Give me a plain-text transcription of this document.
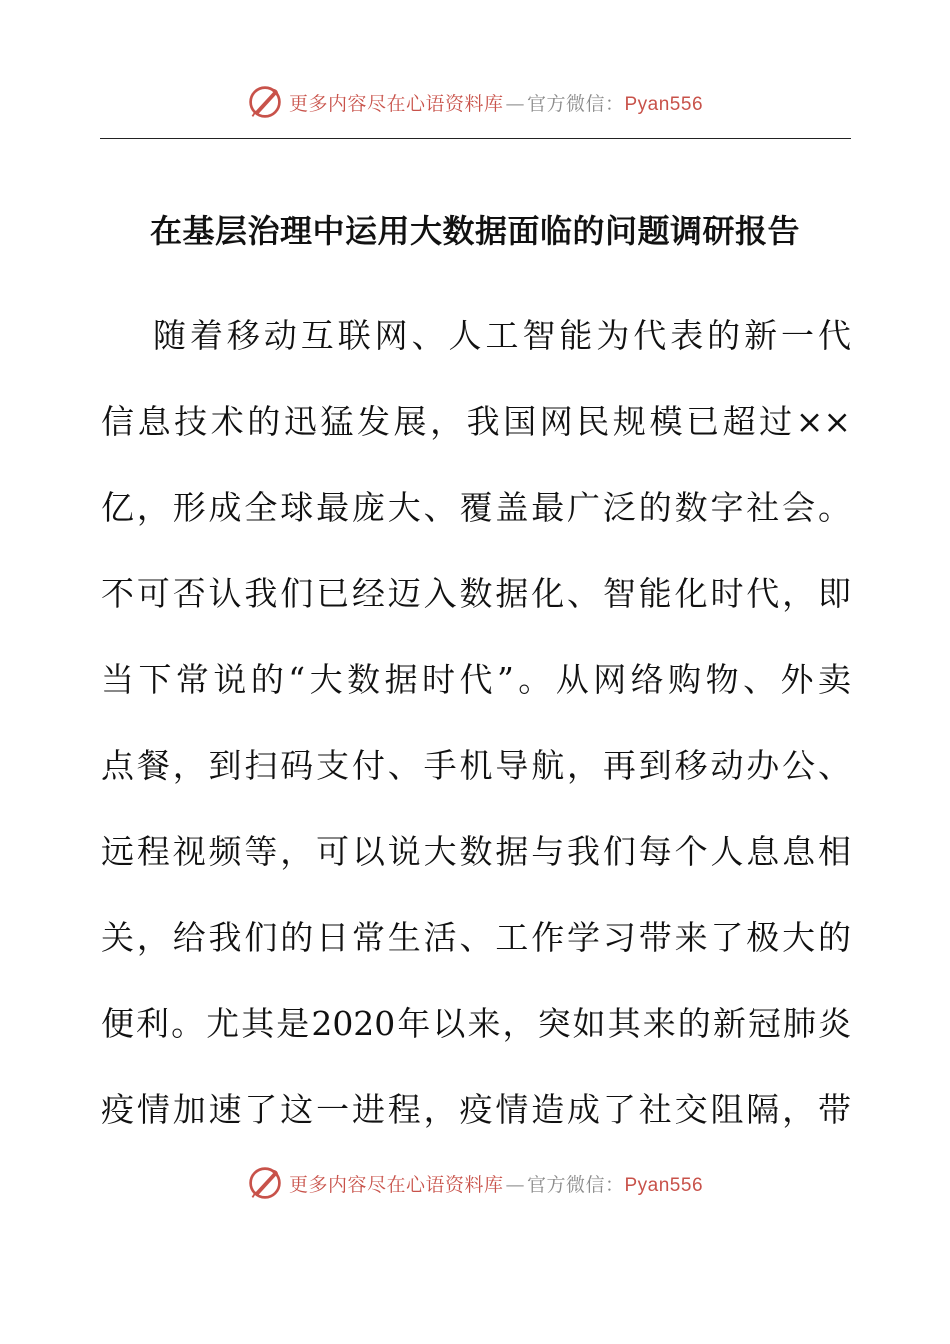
更多内容尽在心语资料库 — 官方微信：Pyan556
在基层治理中运用大数据面临的问题调研报告
随着移动互联网、人工智能为代表的新一代
信息技术的迅猛发展，我国网民规模已超过××
亿，形成全球最庞大、覆盖最广泛的数字社会。
不可否认我们已经迈入数据化、智能化时代，即
当下常说的“大数据时代”。从网络购物、外卖
点餐，到扫码支付、手机导航，再到移动办公、
远程视频等，可以说大数据与我们每个人息息相
关，给我们的日常生活、工作学习带来了极大的
便利。尤其是2020年以来，突如其来的新冠肺炎
疫情加速了这一进程，疫情造成了社交阻隔，带
更多内容尽在心语资料库 — 官方微信：Pyan556
